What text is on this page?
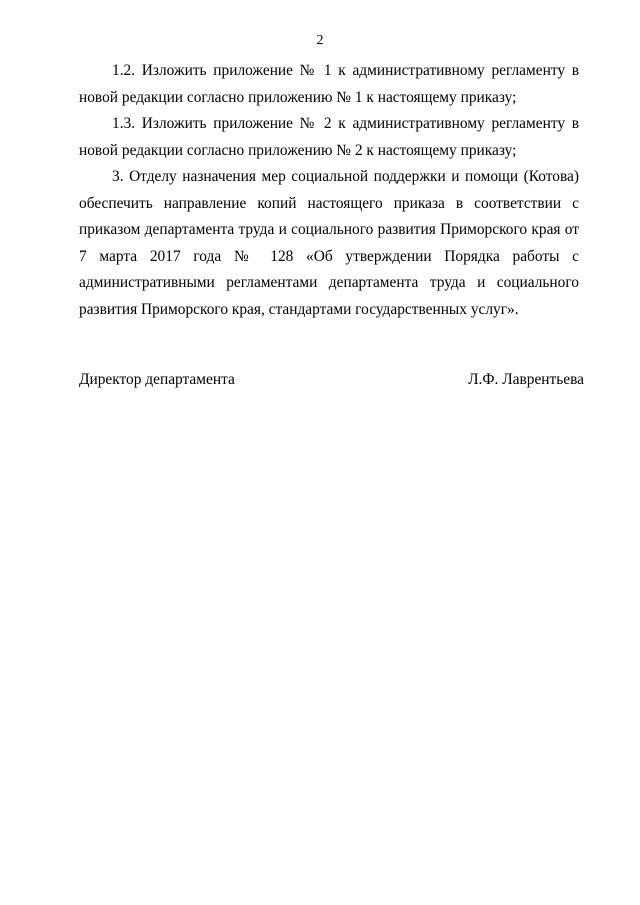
2

1.2. Изложить приложение № 1 к административному регламенту в новой редакции согласно приложению № 1 к настоящему приказу;

1.3. Изложить приложение № 2 к административному регламенту в новой редакции согласно приложению № 2 к настоящему приказу;

3. Отделу назначения мер социальной поддержки и помощи (Котова) обеспечить направление копий настоящего приказа в соответствии с приказом департамента труда и социального развития Приморского края от 7 марта 2017 года № 128 «Об утверждении Порядка работы с административными регламентами департамента труда и социального развития Приморского края, стандартами государственных услуг».

Директор департамента	Л.Ф. Лаврентьева
